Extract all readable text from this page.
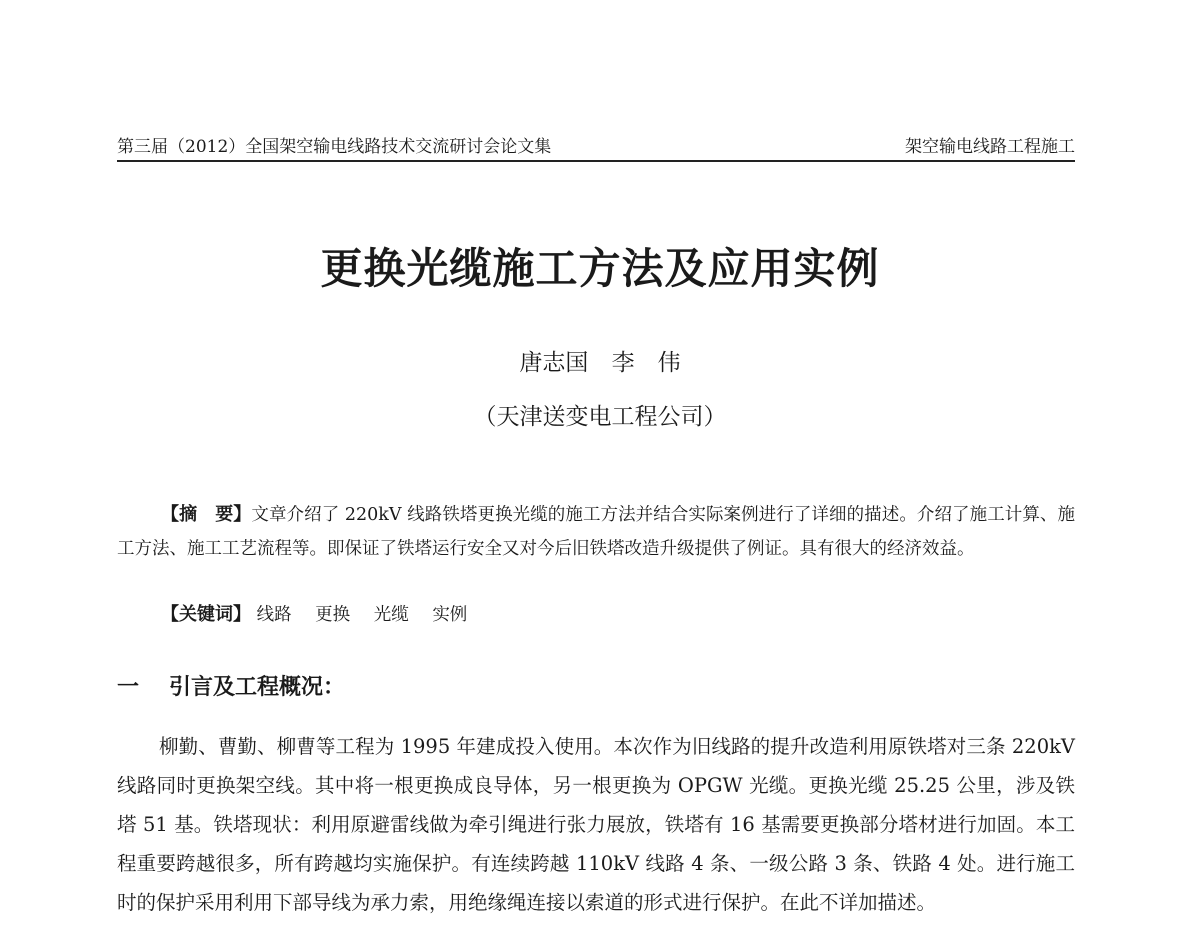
第三届（2012）全国架空输电线路技术交流研讨会论文集	架空输电线路工程施工
更换光缆施工方法及应用实例
唐志国 李　伟
（天津送变电工程公司）

【摘　要】文章介绍了 220kV 线路铁塔更换光缆的施工方法并结合实际案例进行了详细的描述。介绍了施工计算、施工方法、施工工艺流程等。即保证了铁塔运行安全又对今后旧铁塔改造升级提供了例证。具有很大的经济效益。

【关键词】 线路 更换 光缆 实例
一 引言及工程概况：

柳勤、曹勤、柳曹等工程为 1995 年建成投入使用。本次作为旧线路的提升改造利用原铁塔对三条 220kV 线路同时更换架空线。其中将一根更换成良导体，另一根更换为 OPGW 光缆。更换光缆 25.25 公里，涉及铁塔 51 基。铁塔现状：利用原避雷线做为牵引绳进行张力展放，铁塔有 16 基需要更换部分塔材进行加固。本工程重要跨越很多，所有跨越均实施保护。有连续跨越 110kV 线路 4 条、一级公路 3 条、铁路 4 处。进行施工时的保护采用利用下部导线为承力索，用绝缘绳连接以索道的形式进行保护。在此不详加描述。
